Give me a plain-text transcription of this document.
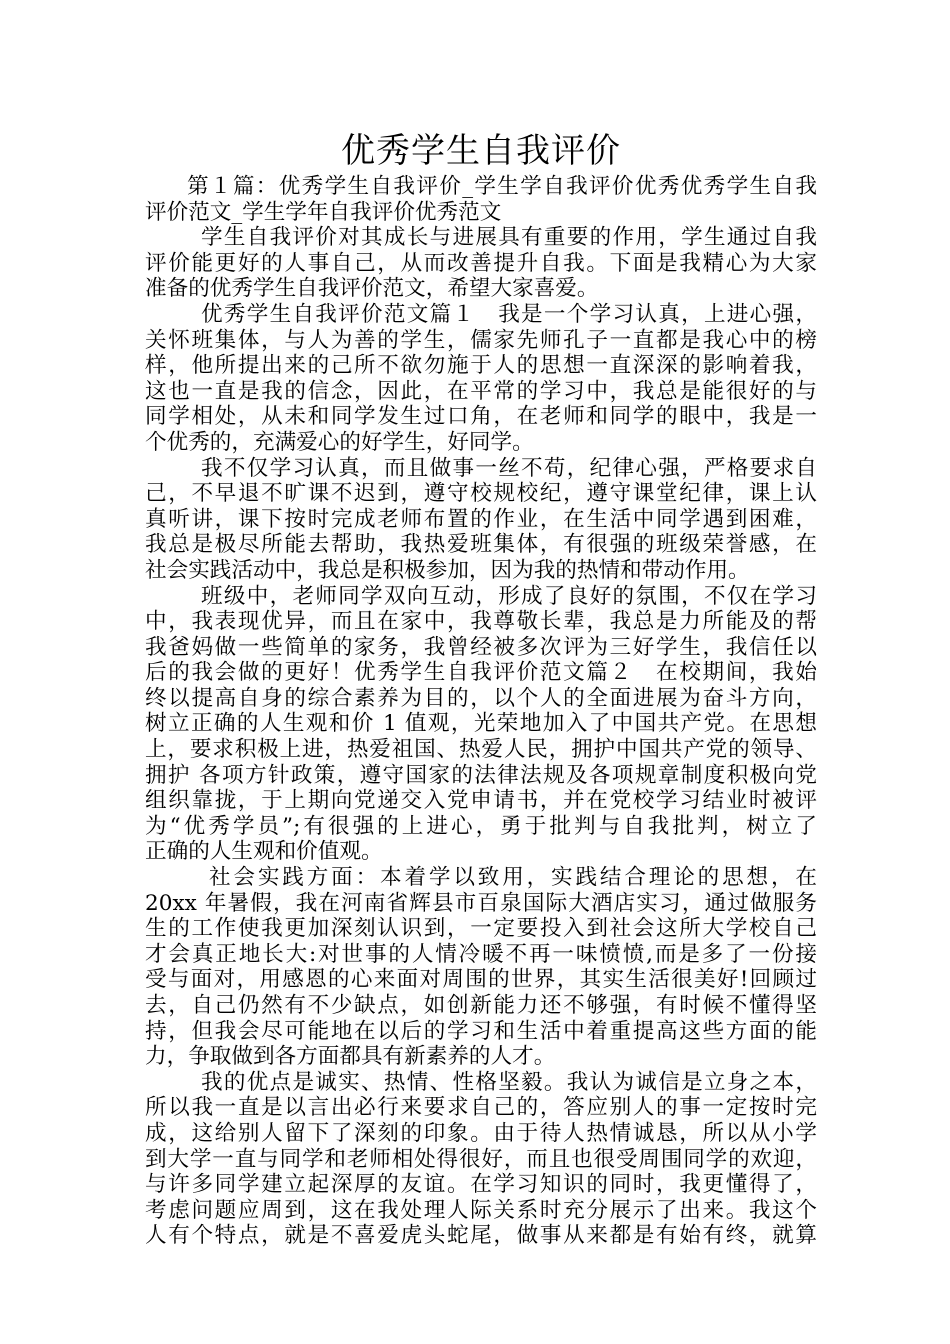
优秀学生自我评价

第１篇：优秀学生自我评价_学生学自我评价优秀优秀学生自我
评价范文_学生学年自我评价优秀范文

学生自我评价对其成长与进展具有重要的作用，学生通过自我
评价能更好的人事自己，从而改善提升自我。下面是我精心为大家
准备的优秀学生自我评价范文，希望大家喜爱。

优秀学生自我评价范文篇１　我是一个学习认真，上进心强，
关怀班集体，与人为善的学生，儒家先师孔子一直都是我心中的榜
样，他所提出来的己所不欲勿施于人的思想一直深深的影响着我，
这也一直是我的信念，因此，在平常的学习中，我总是能很好的与
同学相处，从未和同学发生过口角，在老师和同学的眼中，我是一
个优秀的，充满爱心的好学生，好同学。

我不仅学习认真，而且做事一丝不苟，纪律心强，严格要求自
己，不早退不旷课不迟到，遵守校规校纪，遵守课堂纪律，课上认
真听讲，课下按时完成老师布置的作业，在生活中同学遇到困难，
我总是极尽所能去帮助，我热爱班集体，有很强的班级荣誉感，在
社会实践活动中，我总是积极参加，因为我的热情和带动作用。

班级中，老师同学双向互动，形成了良好的氛围，不仅在学习
中，我表现优异，而且在家中，我尊敬长辈，我总是力所能及的帮
我爸妈做一些简单的家务，我曾经被多次评为三好学生，我信任以
后的我会做的更好！优秀学生自我评价范文篇２　在校期间，我始
终以提高自身的综合素养为目的，以个人的全面进展为奋斗方向，
树立正确的人生观和价 1 值观，光荣地加入了中国共产党。在思想
上，要求积极上进，热爱祖国、热爱人民，拥护中国共产党的领导、
拥护 各项方针政策，遵守国家的法律法规及各项规章制度积极向党
组织靠拢，于上期向党递交入党申请书，并在党校学习结业时被评
为“优秀学员”;有很强的上进心，勇于批判与自我批判，树立了
正确的人生观和价值观。

社会实践方面：本着学以致用，实践结合理论的思想，在
20xx 年暑假，我在河南省辉县市百泉国际大酒店实习，通过做服务
生的工作使我更加深刻认识到，一定要投入到社会这所大学校自己
才会真正地长大:对世事的人情冷暖不再一味愤愤,而是多了一份接
受与面对，用感恩的心来面对周围的世界，其实生活很美好!回顾过
去，自己仍然有不少缺点，如创新能力还不够强，有时候不懂得坚
持，但我会尽可能地在以后的学习和生活中着重提高这些方面的能
力，争取做到各方面都具有新素养的人才。

我的优点是诚实、热情、性格坚毅。我认为诚信是立身之本，
所以我一直是以言出必行来要求自己的，答应别人的事一定按时完
成，这给别人留下了深刻的印象。由于待人热情诚恳，所以从小学
到大学一直与同学和老师相处得很好，而且也很受周围同学的欢迎，
与许多同学建立起深厚的友谊。在学习知识的同时，我更懂得了，
考虑问题应周到，这在我处理人际关系时充分展示了出来。我这个
人有个特点，就是不喜爱虎头蛇尾，做事从来都是有始有终，就算
